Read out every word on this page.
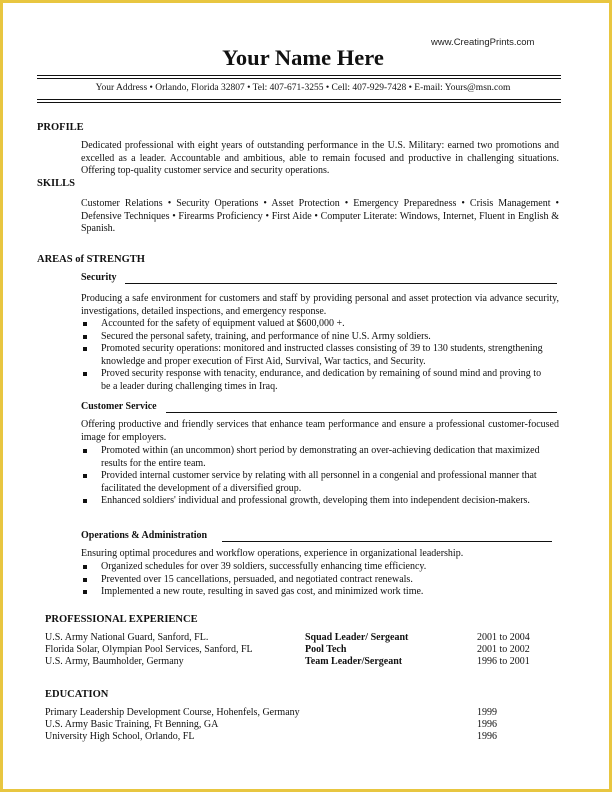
www.CreatingPrints.com
Your Name Here
Your Address • Orlando, Florida 32807 • Tel: 407-671-3255 • Cell: 407-929-7428 • E-mail: Yours@msn.com
PROFILE
Dedicated professional with eight years of outstanding performance in the U.S. Military: earned two promotions and excelled as a leader. Accountable and ambitious, able to remain focused and productive in challenging situations. Offering top-quality customer service and security operations.
SKILLS
Customer Relations • Security Operations • Asset Protection • Emergency Preparedness • Crisis Management • Defensive Techniques • Firearms Proficiency • First Aide • Computer Literate: Windows, Internet, Fluent in English & Spanish.
AREAS of STRENGTH
Security
Producing a safe environment for customers and staff by providing personal and asset protection via advance security, investigations, detailed inspections, and emergency response.
Accounted for the safety of equipment valued at $600,000 +.
Secured the personal safety, training, and performance of nine U.S. Army soldiers.
Promoted security operations: monitored and instructed classes consisting of 39 to 130 students, strengthening knowledge and proper execution of First Aid, Survival, War tactics, and Security.
Proved security response with tenacity, endurance, and dedication by remaining of sound mind and proving to be a leader during challenging times in Iraq.
Customer Service
Offering productive and friendly services that enhance team performance and ensure a professional customer-focused image for employers.
Promoted within (an uncommon) short period by demonstrating an over-achieving dedication that maximized results for the entire team.
Provided internal customer service by relating with all personnel in a congenial and professional manner that facilitated the development of a diversified group.
Enhanced soldiers' individual and professional growth, developing them into independent decision-makers.
Operations & Administration
Ensuring optimal procedures and workflow operations, experience in organizational leadership.
Organized schedules for over 39 soldiers, successfully enhancing time efficiency.
Prevented over 15 cancellations, persuaded, and negotiated contract renewals.
Implemented a new route, resulting in saved gas cost, and minimized work time.
PROFESSIONAL EXPERIENCE
U.S. Army National Guard, Sanford, FL.	Squad Leader/ Sergeant	2001 to 2004
Florida Solar, Olympian Pool Services, Sanford, FL	Pool Tech	2001 to 2002
U.S. Army, Baumholder, Germany	Team Leader/Sergeant	1996 to 2001
EDUCATION
Primary Leadership Development Course, Hohenfels, Germany	1999
U.S. Army Basic Training, Ft Benning, GA	1996
University High School, Orlando, FL	1996
